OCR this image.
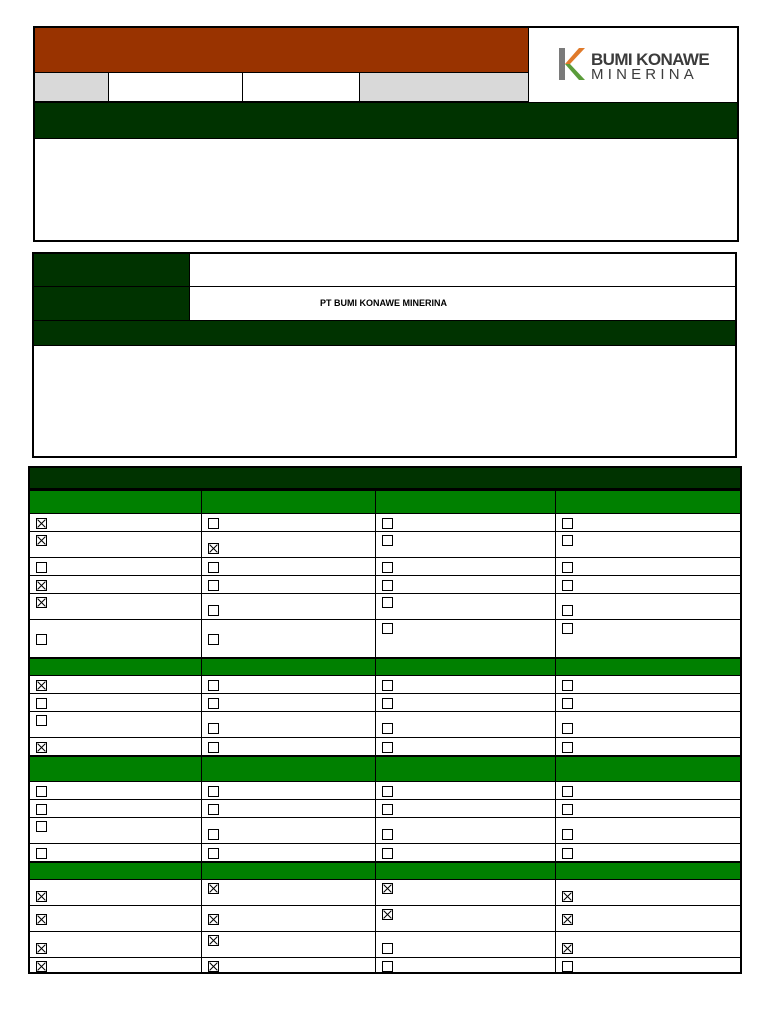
BUMI KONAWE
MINERINA
PT BUMI KONAWE MINERINA
